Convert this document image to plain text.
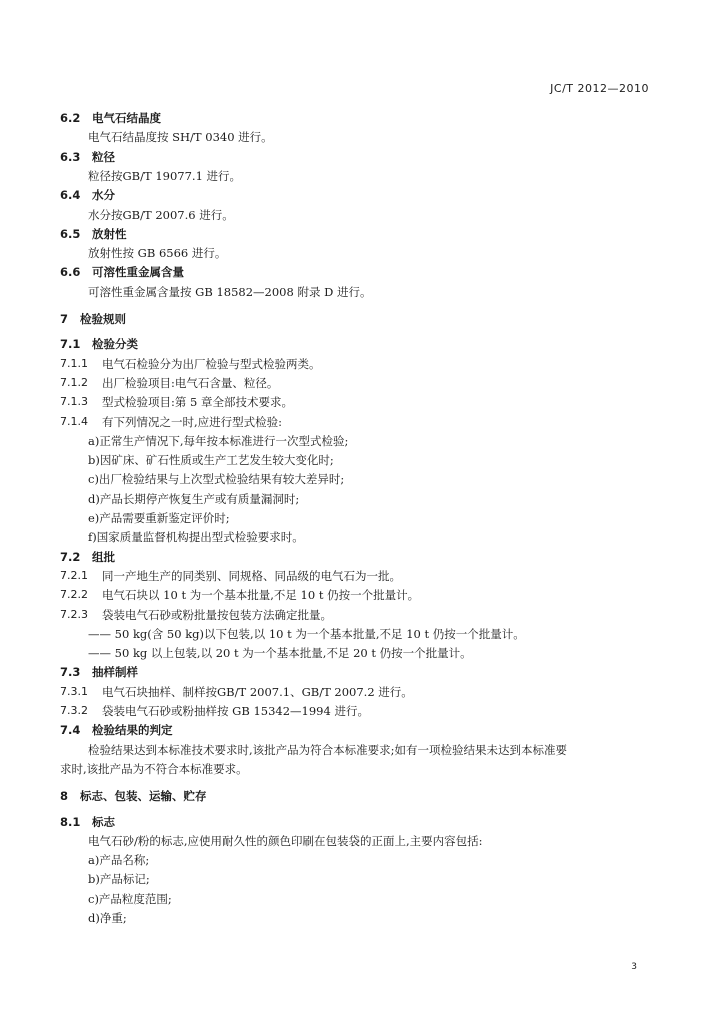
JC/T 2012—2010
6.2 电气石结晶度
电气石结晶度按 SH/T 0340 进行。
6.3 粒径
粒径按GB/T 19077.1 进行。
6.4 水分
水分按GB/T 2007.6 进行。
6.5 放射性
放射性按 GB 6566 进行。
6.6 可溶性重金属含量
可溶性重金属含量按 GB 18582—2008 附录 D 进行。
7 检验规则
7.1 检验分类
7.1.1 电气石检验分为出厂检验与型式检验两类。
7.1.2 出厂检验项目:电气石含量、粒径。
7.1.3 型式检验项目:第 5 章全部技术要求。
7.1.4 有下列情况之一时,应进行型式检验:
a)正常生产情况下,每年按本标准进行一次型式检验;
b)因矿床、矿石性质或生产工艺发生较大变化时;
c)出厂检验结果与上次型式检验结果有较大差异时;
d)产品长期停产恢复生产或有质量漏洞时;
e)产品需要重新鉴定评价时;
f)国家质量监督机构提出型式检验要求时。
7.2 组批
7.2.1 同一产地生产的同类别、同规格、同品级的电气石为一批。
7.2.2 电气石块以 10 t 为一个基本批量,不足 10 t 仍按一个批量计。
7.2.3 袋装电气石砂或粉批量按包装方法确定批量。
—— 50 kg(含 50 kg)以下包装,以 10 t 为一个基本批量,不足 10 t 仍按一个批量计。
—— 50 kg 以上包装,以 20 t 为一个基本批量,不足 20 t 仍按一个批量计。
7.3 抽样制样
7.3.1 电气石块抽样、制样按GB/T 2007.1、GB/T 2007.2 进行。
7.3.2 袋装电气石砂或粉抽样按 GB 15342—1994 进行。
7.4 检验结果的判定
检验结果达到本标准技术要求时,该批产品为符合本标准要求;如有一项检验结果未达到本标准要
求时,该批产品为不符合本标准要求。
8 标志、包装、运输、贮存
8.1 标志
电气石砂/粉的标志,应使用耐久性的颜色印刷在包装袋的正面上,主要内容包括:
a)产品名称;
b)产品标记;
c)产品粒度范围;
d)净重;
3
